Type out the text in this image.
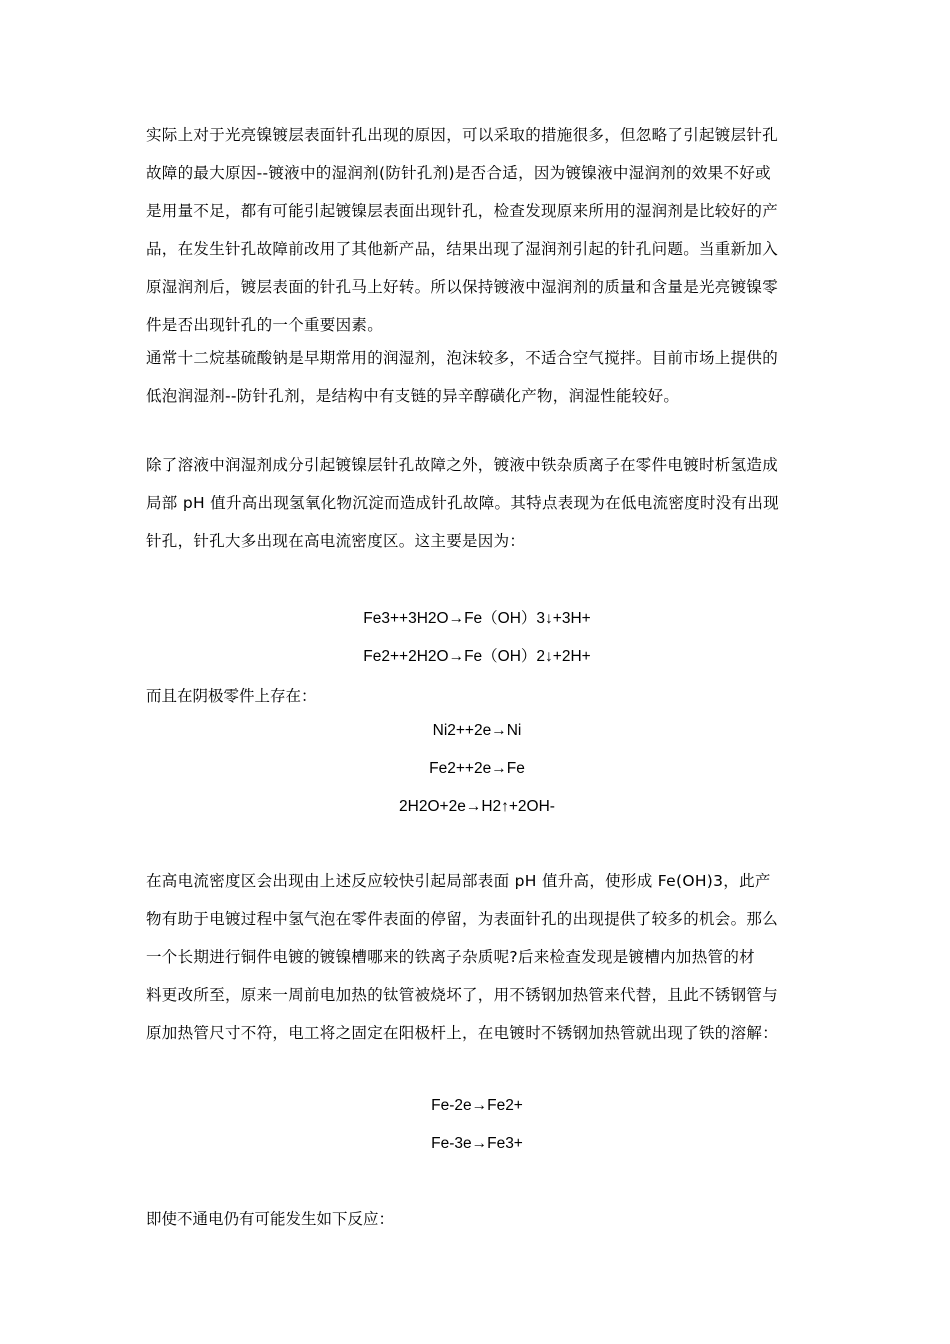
实际上对于光亮镍镀层表面针孔出现的原因，可以采取的措施很多，但忽略了引起镀层针孔
故障的最大原因--镀液中的湿润剂(防针孔剂)是否合适，因为镀镍液中湿润剂的效果不好或
是用量不足，都有可能引起镀镍层表面出现针孔，检查发现原来所用的湿润剂是比较好的产
品，在发生针孔故障前改用了其他新产品，结果出现了湿润剂引起的针孔问题。当重新加入
原湿润剂后，镀层表面的针孔马上好转。所以保持镀液中湿润剂的质量和含量是光亮镀镍零
件是否出现针孔的一个重要因素。
通常十二烷基硫酸钠是早期常用的润湿剂，泡沫较多，不适合空气搅拌。目前市场上提供的
低泡润湿剂--防针孔剂，是结构中有支链的异辛醇磺化产物，润湿性能较好。
除了溶液中润湿剂成分引起镀镍层针孔故障之外，镀液中铁杂质离子在零件电镀时析氢造成
局部 pH 值升高出现氢氧化物沉淀而造成针孔故障。其特点表现为在低电流密度时没有出现
针孔，针孔大多出现在高电流密度区。这主要是因为：
Fe3++3H2O→Fe（OH）3↓+3H+
Fe2++2H2O→Fe（OH）2↓+2H+
而且在阴极零件上存在：
Ni2++2e→Ni
Fe2++2e→Fe
2H2O+2e→H2↑+2OH-
在高电流密度区会出现由上述反应较快引起局部表面 pH 值升高，使形成 Fe(OH)3，此产
物有助于电镀过程中氢气泡在零件表面的停留，为表面针孔的出现提供了较多的机会。那么
一个长期进行铜件电镀的镀镍槽哪来的铁离子杂质呢?后来检查发现是镀槽内加热管的材
料更改所至，原来一周前电加热的钛管被烧坏了，用不锈钢加热管来代替，且此不锈钢管与
原加热管尺寸不符，电工将之固定在阳极杆上，在电镀时不锈钢加热管就出现了铁的溶解：
Fe-2e→Fe2+
Fe-3e→Fe3+
即使不通电仍有可能发生如下反应：
